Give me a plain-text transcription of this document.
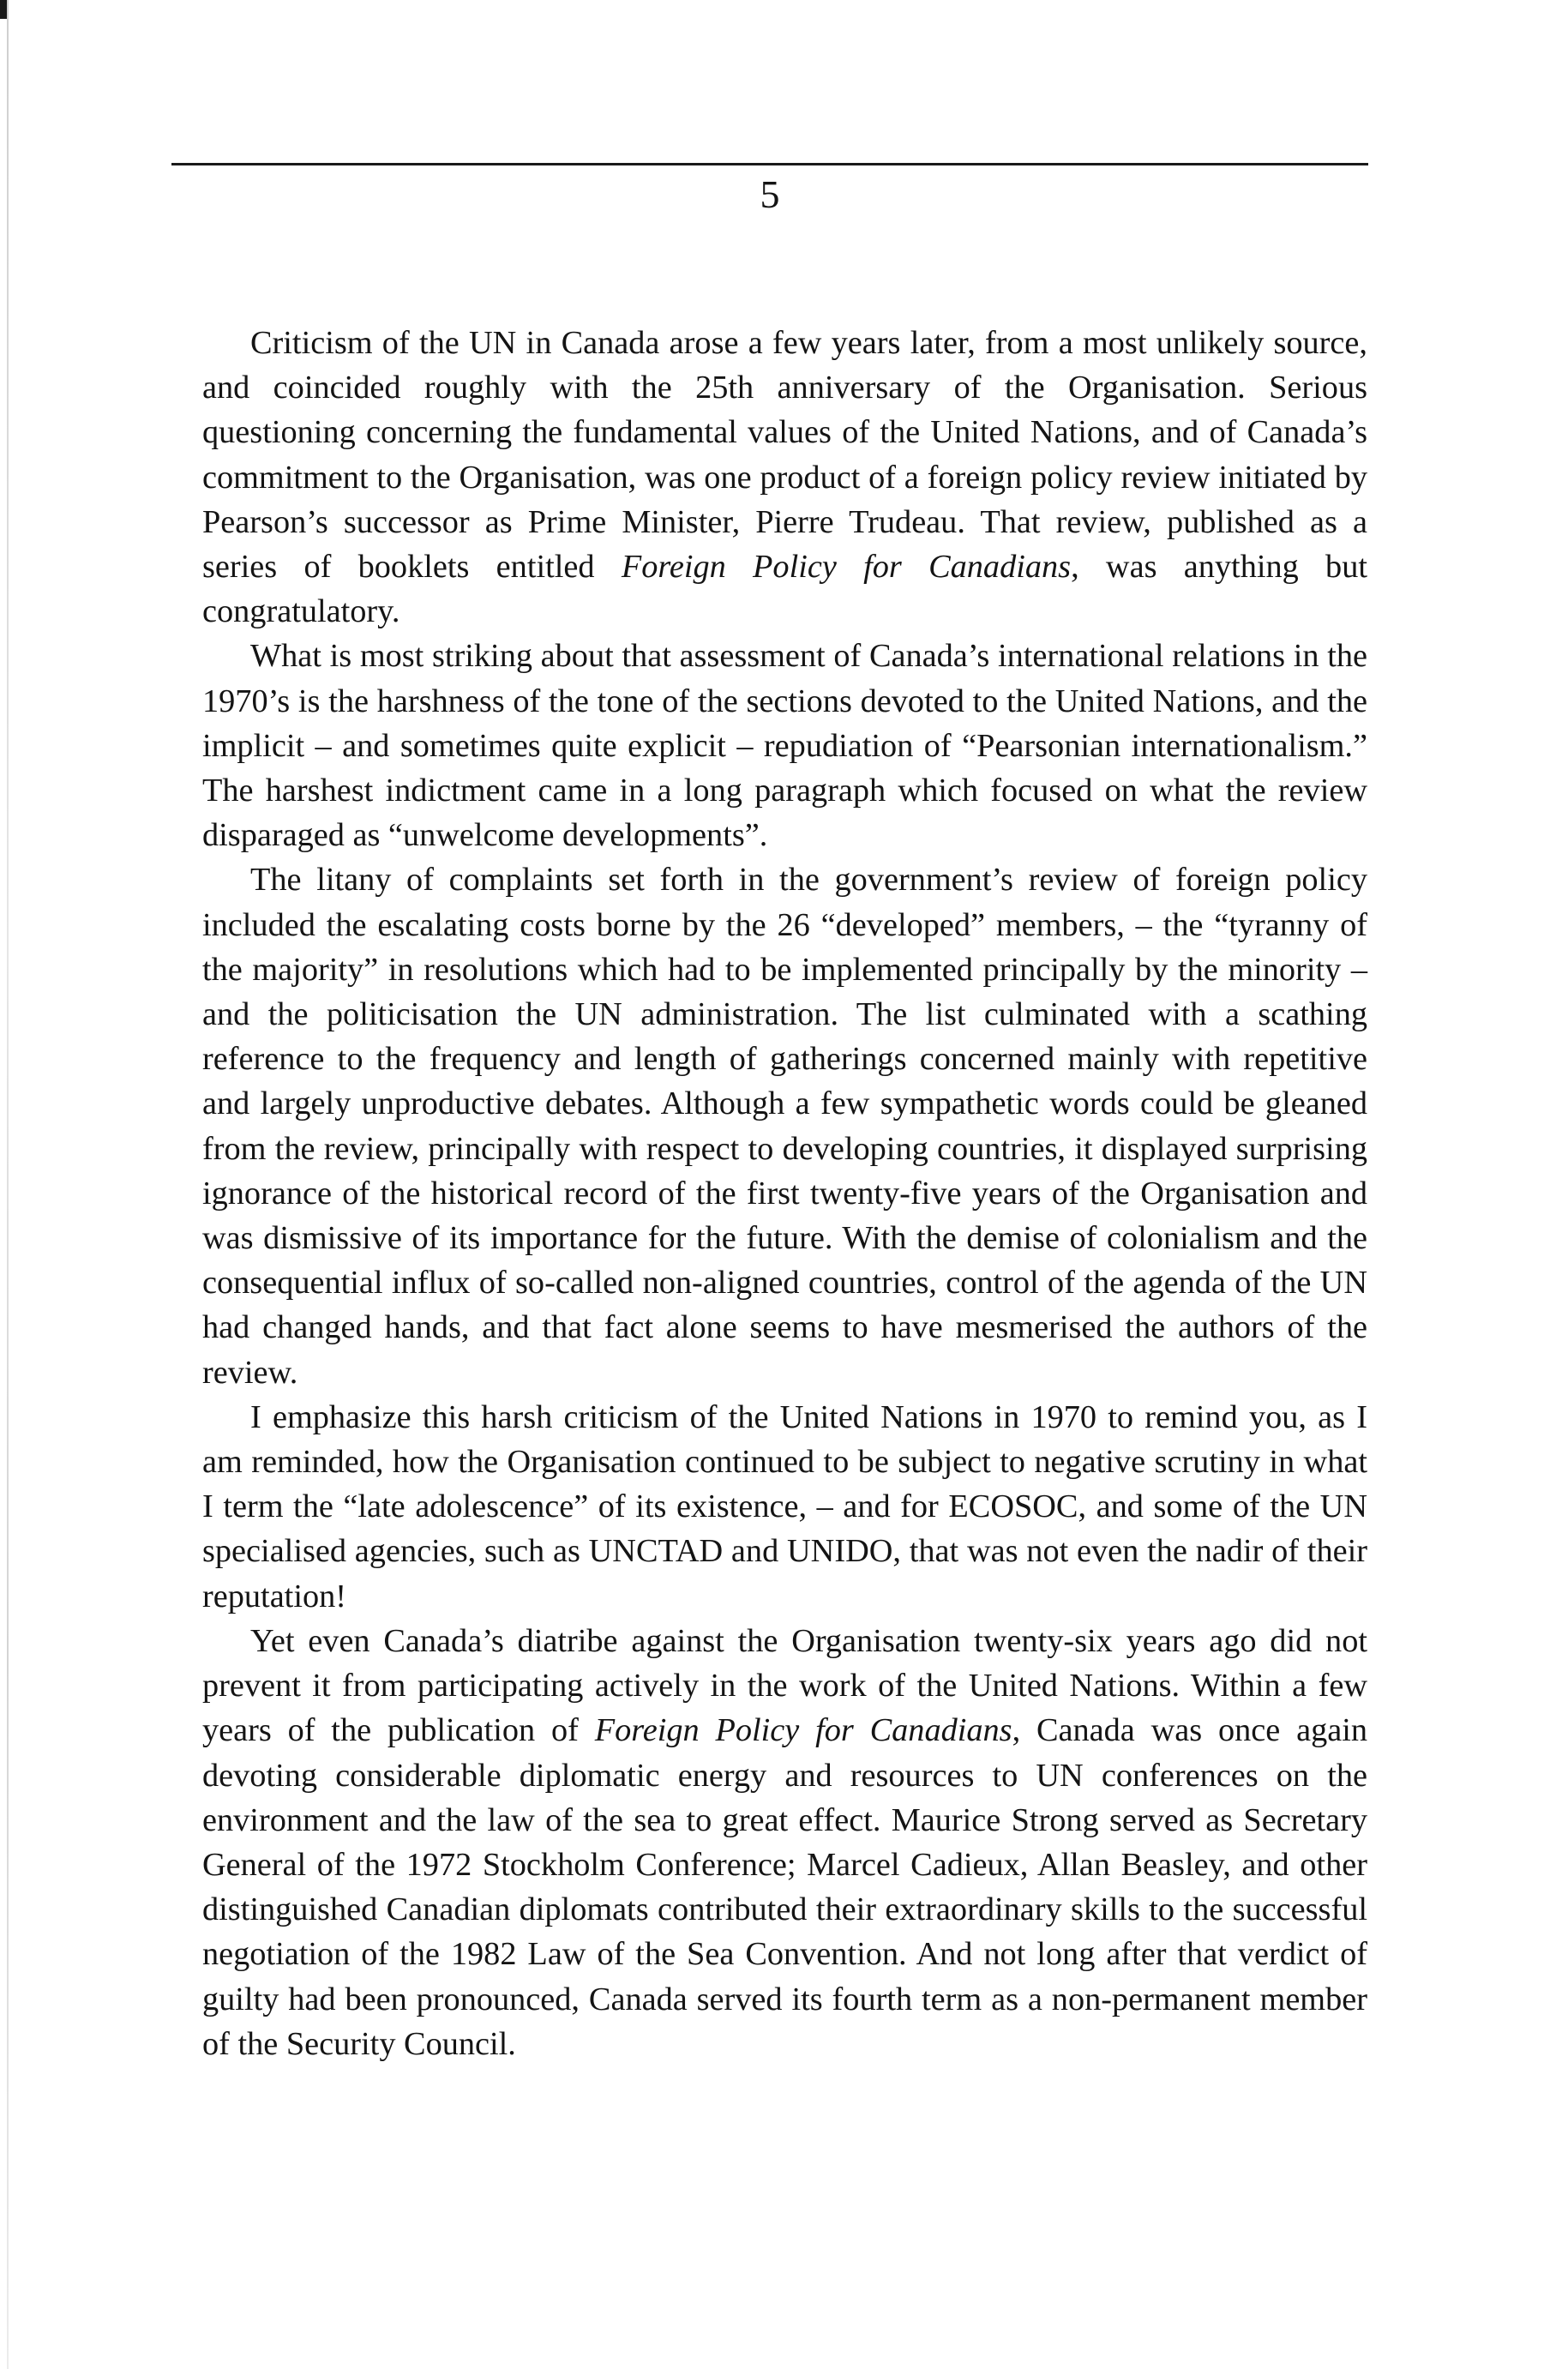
5

Criticism of the UN in Canada arose a few years later, from a most unlikely source, and coincided roughly with the 25th anniversary of the Organisation. Serious questioning concerning the fundamental values of the United Nations, and of Canada’s commitment to the Organisation, was one product of a foreign policy review initiated by Pearson’s successor as Prime Minister, Pierre Trudeau. That review, published as a series of booklets entitled Foreign Policy for Canadians, was anything but congratulatory.

What is most striking about that assessment of Canada’s international relations in the 1970’s is the harshness of the tone of the sections devoted to the United Nations, and the implicit – and sometimes quite explicit – repudiation of “Pearsonian internationalism.” The harshest indictment came in a long paragraph which focused on what the review disparaged as “unwelcome developments”.

The litany of complaints set forth in the government’s review of foreign policy included the escalating costs borne by the 26 “developed” members, – the “tyranny of the majority” in resolutions which had to be implemented principally by the minority – and the politicisation the UN administration. The list culminated with a scathing reference to the frequency and length of gatherings concerned mainly with repetitive and largely unproductive debates. Although a few sympathetic words could be gleaned from the review, principally with respect to developing countries, it displayed surprising ignorance of the historical record of the first twenty-five years of the Organisation and was dismissive of its importance for the future. With the demise of colonialism and the consequential influx of so-called non-aligned countries, control of the agenda of the UN had changed hands, and that fact alone seems to have mesmerised the authors of the review.

I emphasize this harsh criticism of the United Nations in 1970 to remind you, as I am reminded, how the Organisation continued to be subject to negative scrutiny in what I term the “late adolescence” of its existence, – and for ECOSOC, and some of the UN specialised agencies, such as UNCTAD and UNIDO, that was not even the nadir of their reputation!

Yet even Canada’s diatribe against the Organisation twenty-six years ago did not prevent it from participating actively in the work of the United Nations. Within a few years of the publication of Foreign Policy for Canadians, Canada was once again devoting considerable diplomatic energy and resources to UN conferences on the environment and the law of the sea to great effect. Maurice Strong served as Secretary General of the 1972 Stockholm Conference; Marcel Cadieux, Allan Beasley, and other distinguished Canadian diplomats contributed their extraordinary skills to the successful negotiation of the 1982 Law of the Sea Convention. And not long after that verdict of guilty had been pronounced, Canada served its fourth term as a non-permanent member of the Security Council.
